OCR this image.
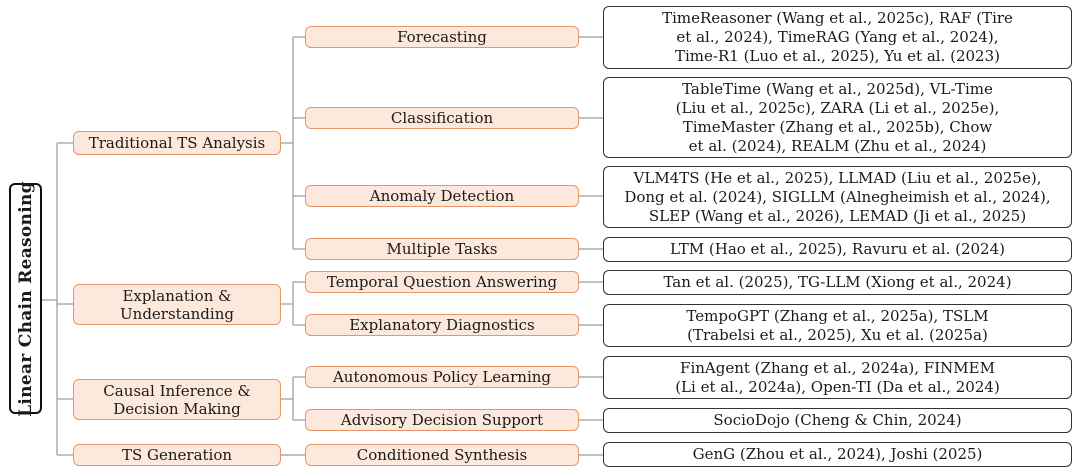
Linear Chain Reasoning
Traditional TS Analysis
Explanation &
Understanding
Causal Inference &
Decision Making
TS Generation
Forecasting
Classification
Anomaly Detection
Multiple Tasks
Temporal Question Answering
Explanatory Diagnostics
Autonomous Policy Learning
Advisory Decision Support
Conditioned Synthesis
TimeReasoner (Wang et al., 2025c), RAF (Tire
et al., 2024), TimeRAG (Yang et al., 2024),
Time-R1 (Luo et al., 2025), Yu et al. (2023)
TableTime (Wang et al., 2025d), VL-Time
(Liu et al., 2025c), ZARA (Li et al., 2025e),
TimeMaster (Zhang et al., 2025b), Chow
et al. (2024), REALM (Zhu et al., 2024)
VLM4TS (He et al., 2025), LLMAD (Liu et al., 2025e),
Dong et al. (2024), SIGLLM (Alnegheimish et al., 2024),
SLEP (Wang et al., 2026), LEMAD (Ji et al., 2025)
LTM (Hao et al., 2025), Ravuru et al. (2024)
Tan et al. (2025), TG-LLM (Xiong et al., 2024)
TempoGPT (Zhang et al., 2025a), TSLM
(Trabelsi et al., 2025), Xu et al. (2025a)
FinAgent (Zhang et al., 2024a), FINMEM
(Li et al., 2024a), Open-TI (Da et al., 2024)
SocioDojo (Cheng & Chin, 2024)
GenG (Zhou et al., 2024), Joshi (2025)
